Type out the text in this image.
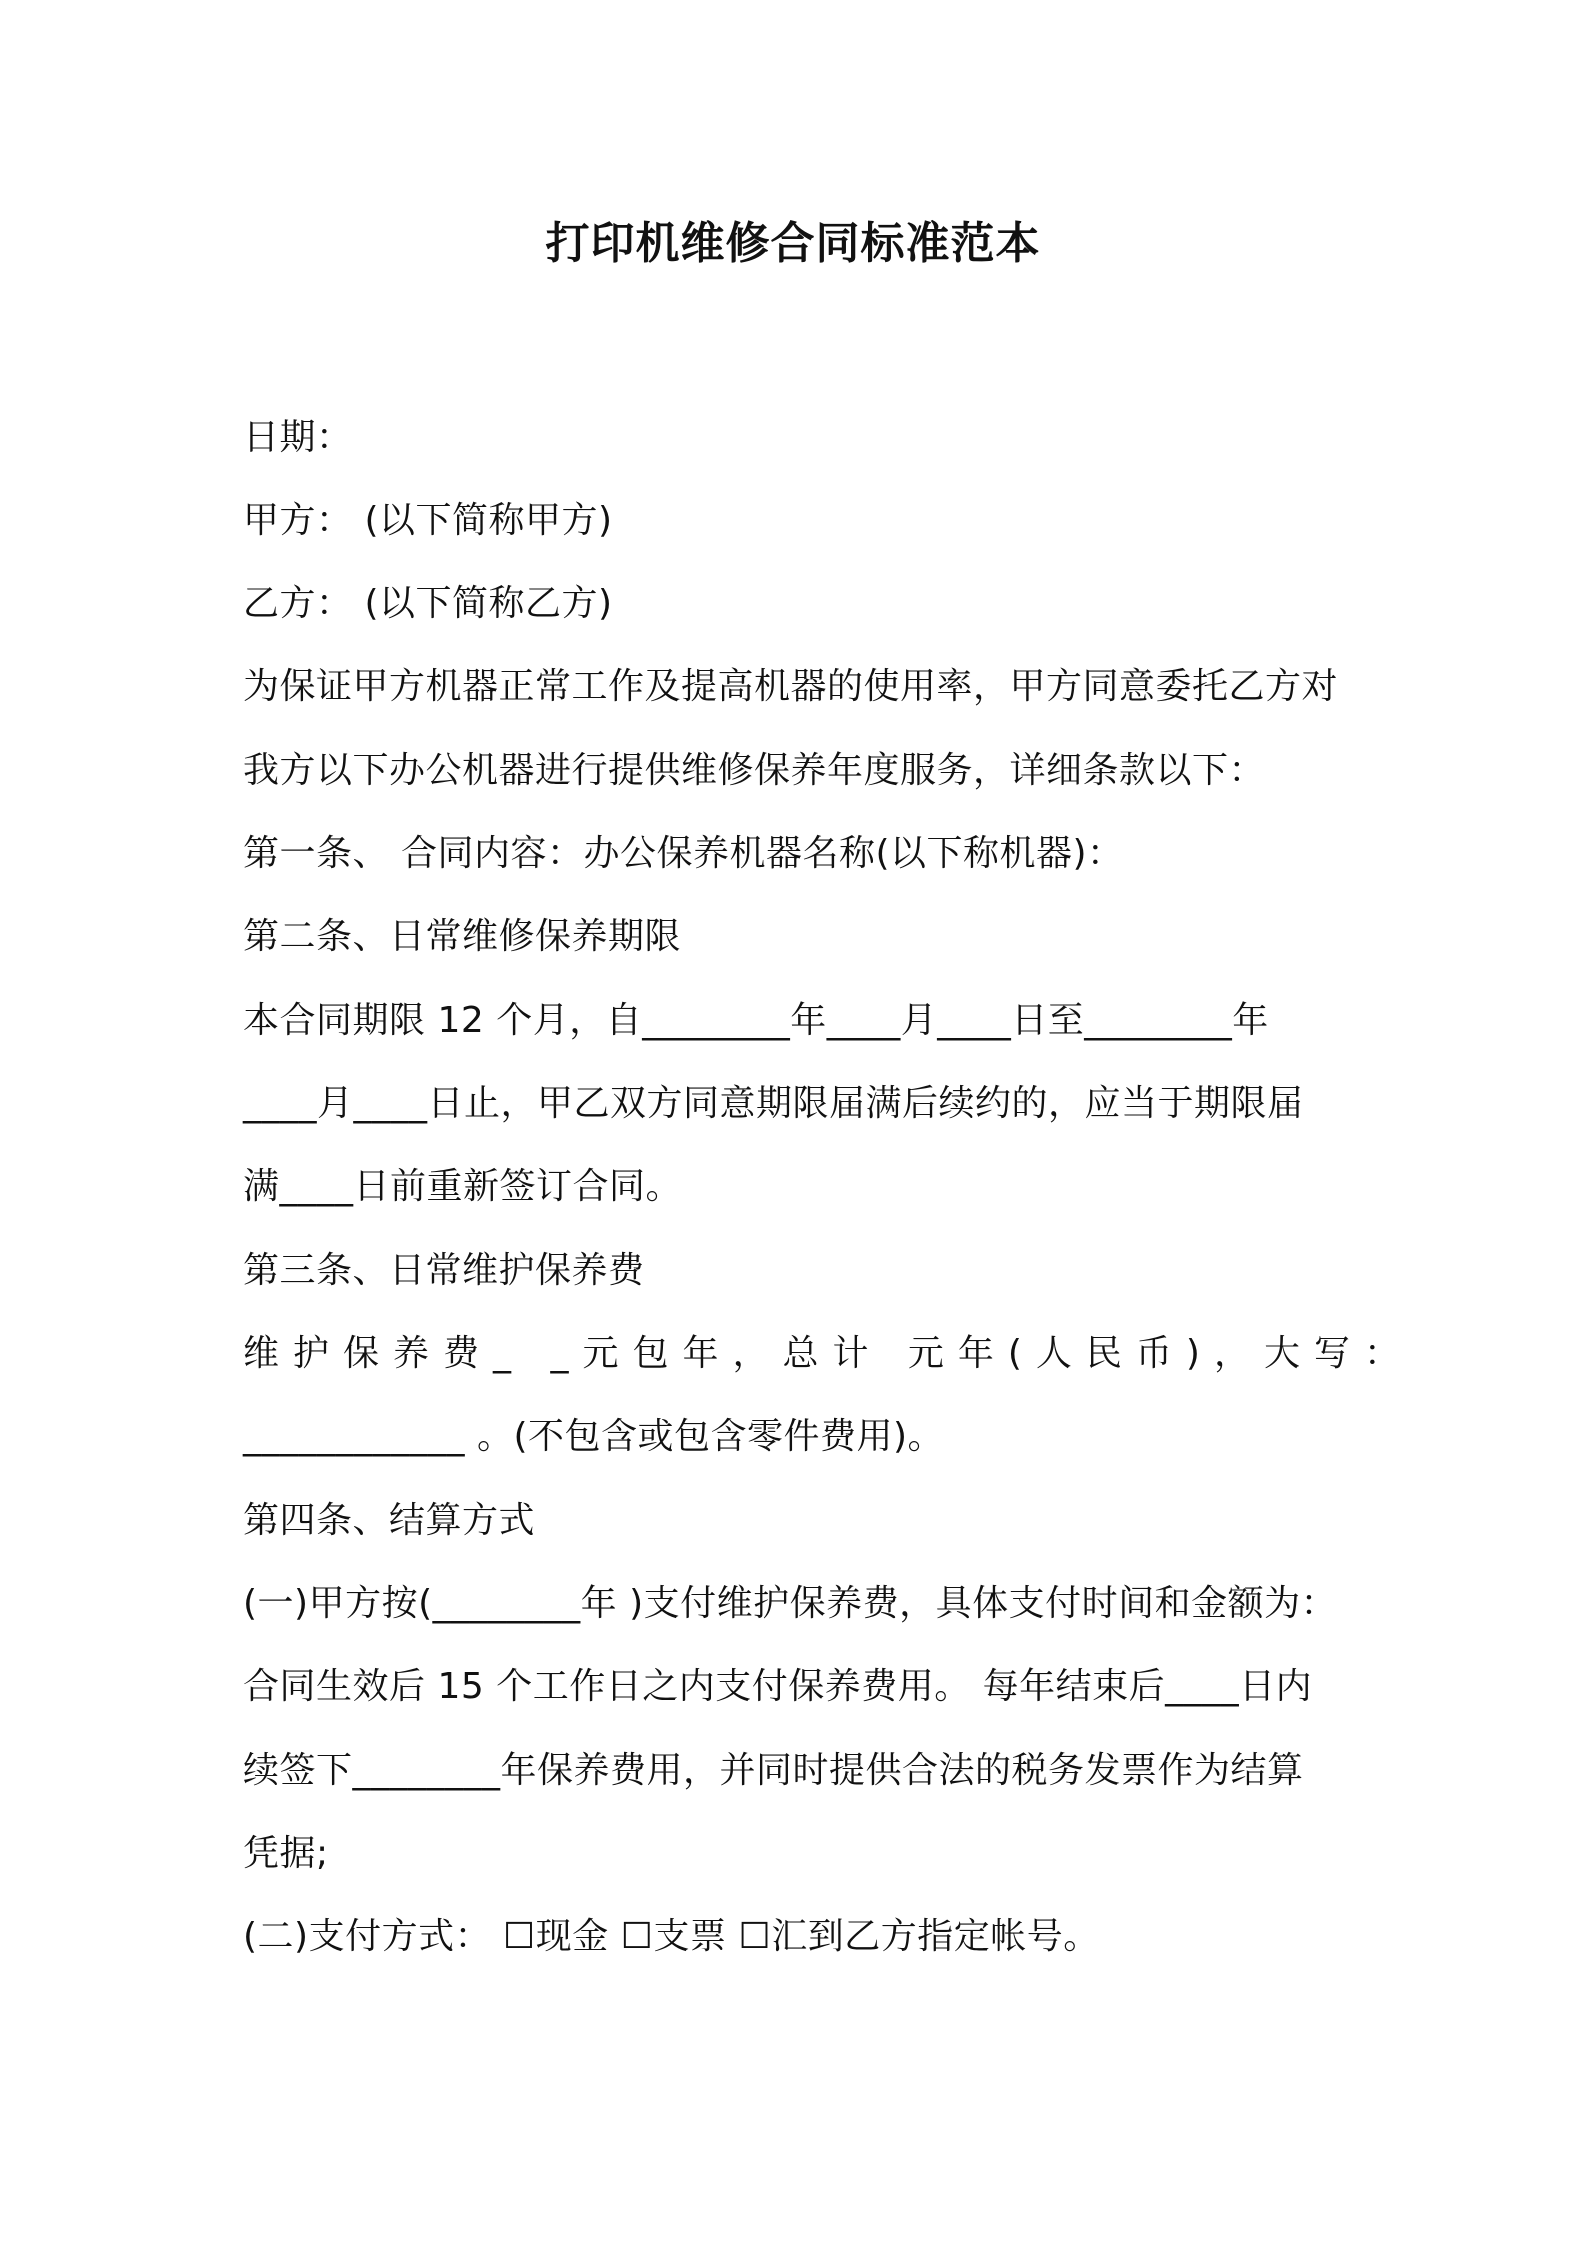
打印机维修合同标准范本
日期：
甲方： (以下简称甲方)
乙方： (以下简称乙方)
为保证甲方机器正常工作及提高机器的使用率，甲方同意委托乙方对
我方以下办公机器进行提供维修保养年度服务，详细条款以下：
第一条、 合同内容：办公保养机器名称(以下称机器)：
第二条、日常维修保养期限
本合同期限 12 个月，自________年____月____日至________年
____月____日止，甲乙双方同意期限届满后续约的，应当于期限届
满____日前重新签订合同。
第三条、日常维护保养费
维护保养费_ _元包年，总计 元年(人民币)，大写：
____________ 。(不包含或包含零件费用)。
第四条、结算方式
(一)甲方按(________年 )支付维护保养费，具体支付时间和金额为：
合同生效后 15 个工作日之内支付保养费用。 每年结束后____日内
续签下________年保养费用，并同时提供合法的税务发票作为结算
凭据;
(二)支付方式： ☐现金 ☐支票 ☐汇到乙方指定帐号。
